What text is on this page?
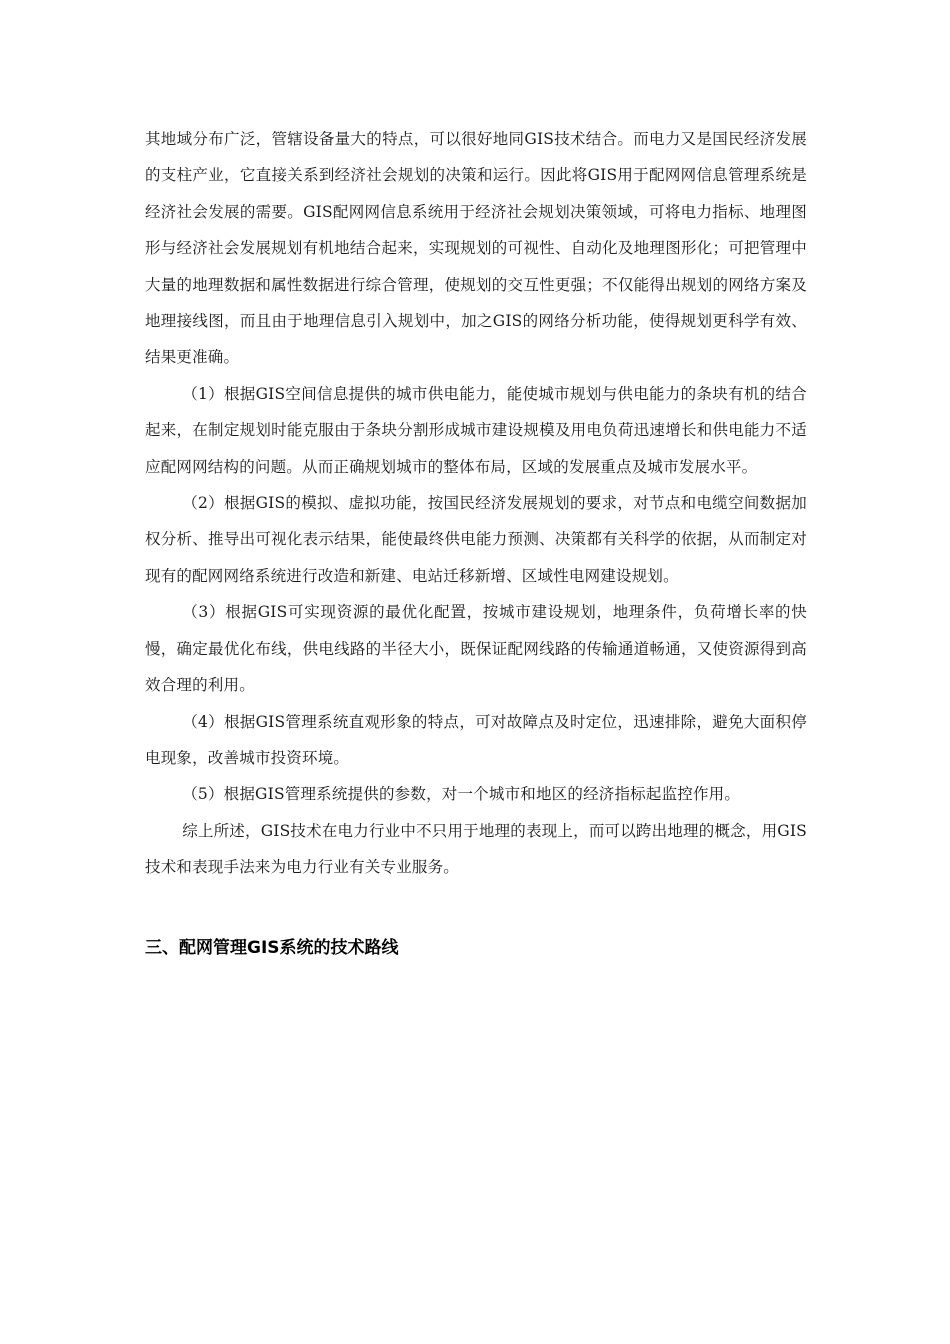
其地域分布广泛，管辖设备量大的特点，可以很好地同GIS技术结合。而电力又是国民经济发展的支柱产业，它直接关系到经济社会规划的决策和运行。因此将GIS用于配网网信息管理系统是经济社会发展的需要。GIS配网网信息系统用于经济社会规划决策领域，可将电力指标、地理图形与经济社会发展规划有机地结合起来，实现规划的可视性、自动化及地理图形化；可把管理中大量的地理数据和属性数据进行综合管理，使规划的交互性更强；不仅能得出规划的网络方案及地理接线图，而且由于地理信息引入规划中，加之GIS的网络分析功能，使得规划更科学有效、结果更准确。

（1）根据GIS空间信息提供的城市供电能力，能使城市规划与供电能力的条块有机的结合起来，在制定规划时能克服由于条块分割形成城市建设规模及用电负荷迅速增长和供电能力不适应配网网结构的问题。从而正确规划城市的整体布局，区域的发展重点及城市发展水平。

（2）根据GIS的模拟、虚拟功能，按国民经济发展规划的要求，对节点和电缆空间数据加权分析、推导出可视化表示结果，能使最终供电能力预测、决策都有关科学的依据，从而制定对现有的配网网络系统进行改造和新建、电站迁移新增、区域性电网建设规划。

（3）根据GIS可实现资源的最优化配置，按城市建设规划，地理条件，负荷增长率的快慢，确定最优化布线，供电线路的半径大小，既保证配网线路的传输通道畅通，又使资源得到高效合理的利用。

（4）根据GIS管理系统直观形象的特点，可对故障点及时定位，迅速排除，避免大面积停电现象，改善城市投资环境。

（5）根据GIS管理系统提供的参数，对一个城市和地区的经济指标起监控作用。

综上所述，GIS技术在电力行业中不只用于地理的表现上，而可以跨出地理的概念，用GIS技术和表现手法来为电力行业有关专业服务。

三、配网管理GIS系统的技术路线
